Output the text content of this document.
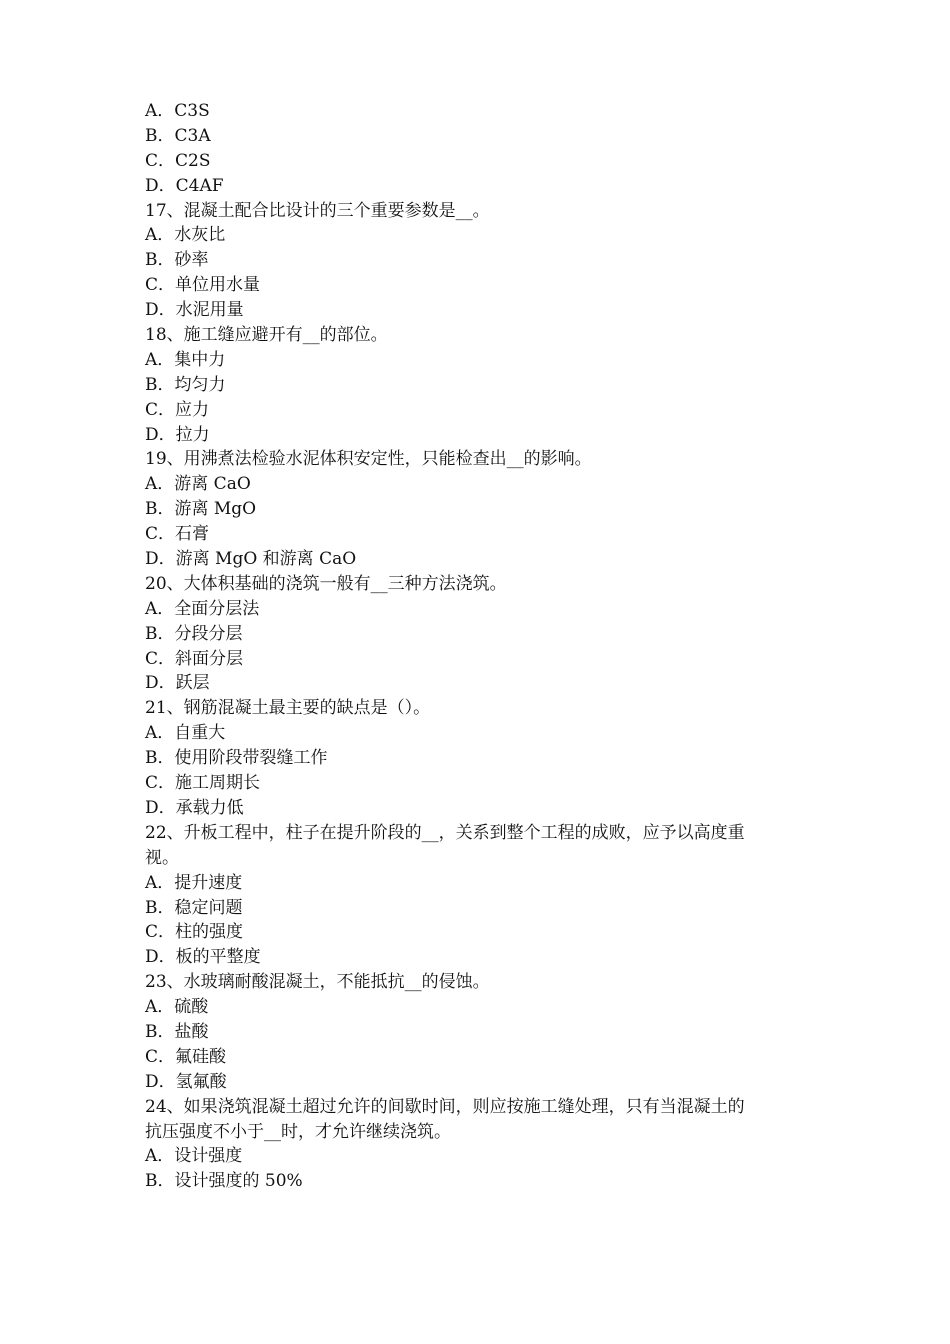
A．C3S
B．C3A
C．C2S
D．C4AF
17、混凝土配合比设计的三个重要参数是__。
A．水灰比
B．砂率
C．单位用水量
D．水泥用量
18、施工缝应避开有__的部位。
A．集中力
B．均匀力
C．应力
D．拉力
19、用沸煮法检验水泥体积安定性，只能检查出__的影响。
A．游离 CaO
B．游离 MgO
C．石膏
D．游离 MgO 和游离 CaO
20、大体积基础的浇筑一般有__三种方法浇筑。
A．全面分层法
B．分段分层
C．斜面分层
D．跃层
21、钢筋混凝土最主要的缺点是（）。
A．自重大
B．使用阶段带裂缝工作
C．施工周期长
D．承载力低
22、升板工程中，柱子在提升阶段的__，关系到整个工程的成败，应予以高度重
视。
A．提升速度
B．稳定问题
C．柱的强度
D．板的平整度
23、水玻璃耐酸混凝土，不能抵抗__的侵蚀。
A．硫酸
B．盐酸
C．氟硅酸
D．氢氟酸
24、如果浇筑混凝土超过允许的间歇时间，则应按施工缝处理，只有当混凝土的
抗压强度不小于__时，才允许继续浇筑。
A．设计强度
B．设计强度的 50%
